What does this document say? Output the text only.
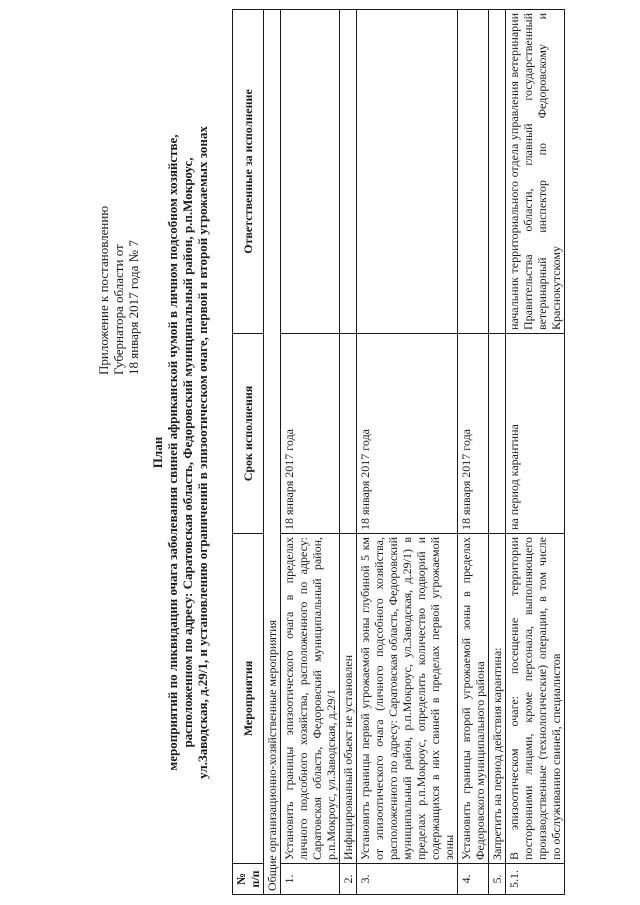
Приложение к постановлению Губернатора области от 18 января 2017 года № 7
План мероприятий по ликвидации очага заболевания свиней африканской чумой в личном подсобном хозяйстве, расположенном по адресу: Саратовская область, Федоровский муниципальный район, р.п.Мокроус, ул.Заводская, д.29/1, и установлению ограничений в эпизоотическом очаге, первой и второй угрожаемых зонах
№ п/п	Мероприятия	Срок исполнения	Ответственные за исполнение
Общие организационно-хозяйственные мероприятия			
1.	Установить границы эпизоотического очага в пределах личного подсобного хозяйства, расположенного по адресу: Саратовская область, Федоровский муниципальный район, р.п.Мокроус, ул.Заводская, д.29/1	18 января 2017 года	
2.	Инфицированный объект не установлен		
3.	Установить границы первой угрожаемой зоны глубиной 5 км от эпизоотического очага (личного подсобного хозяйства, расположенного по адресу: Саратовская область, Федоровский муниципальный район, р.п.Мокроус, ул.Заводская, д.29/1) в пределах р.п.Мокроус, определить количество подворий и содержащихся в них свиней в пределах первой угрожаемой зоны	18 января 2017 года	
4.	Установить границы второй угрожаемой зоны в пределах Федоровского муниципального района	18 января 2017 года	
5.	Запретить на период действия карантина:		
5.1.	В эпизоотическом очаге: посещение территории посторонними лицами, кроме персонала, выполняющего производственные (технологические) операции, в том числе по обслуживанию свиней, специалистов	на период карантина	начальник территориального отдела управления ветеринарии Правительства области, главный государственный ветеринарный инспектор по Федоровскому и Краснокутскому
